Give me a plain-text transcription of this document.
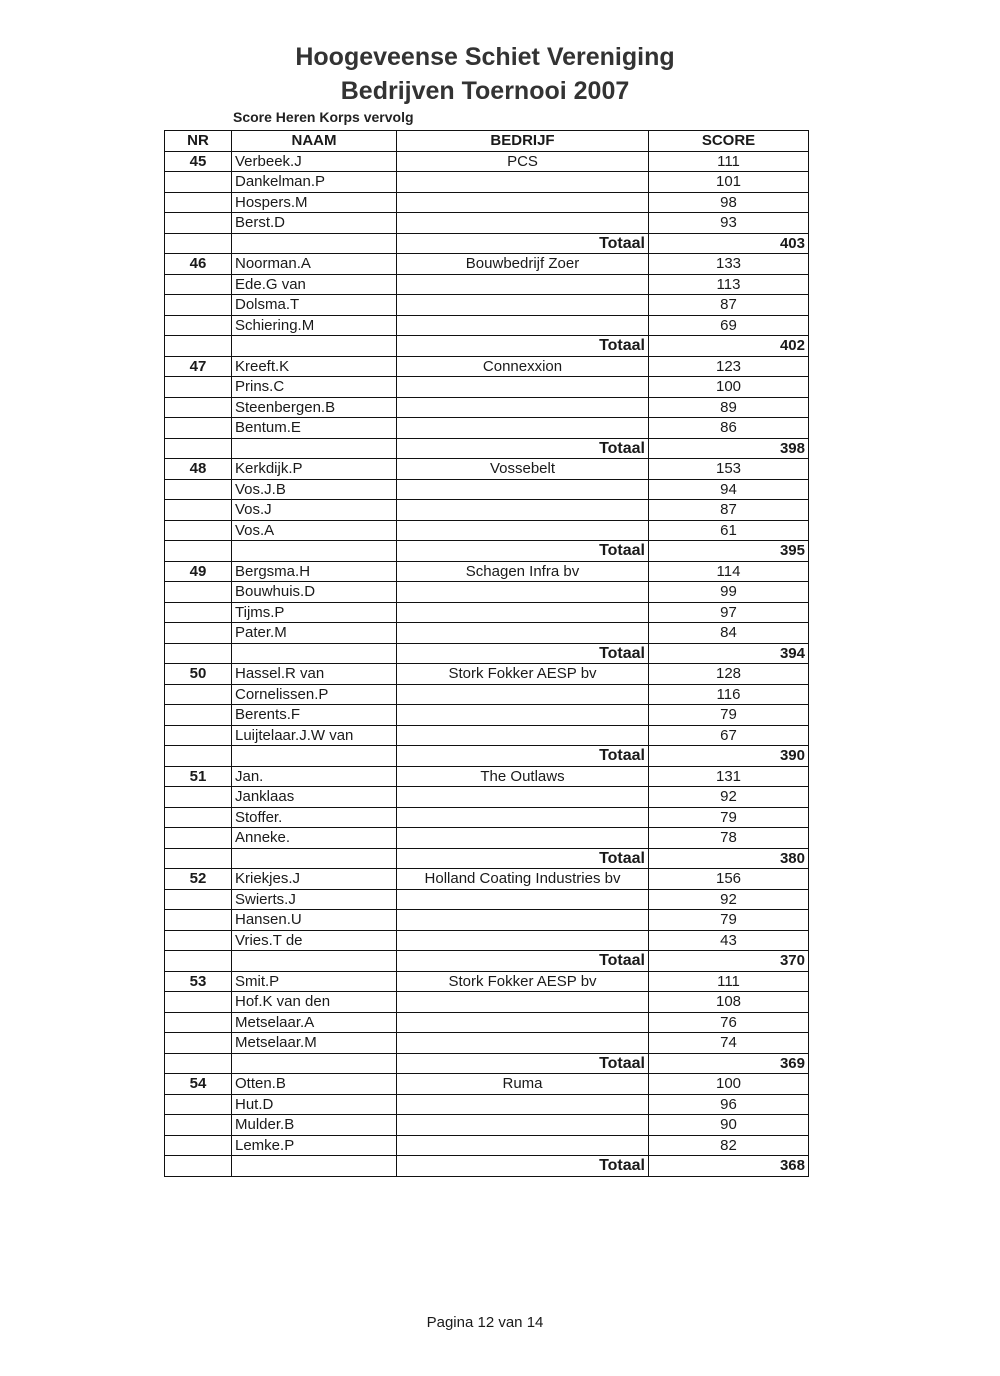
Hoogeveense Schiet Vereniging
Bedrijven Toernooi 2007
Score Heren Korps vervolg
NR	NAAM	BEDRIJF	SCORE
45	Verbeek.J	PCS	111
	Dankelman.P		101
	Hospers.M		98
	Berst.D		93
		Totaal	403
46	Noorman.A	Bouwbedrijf Zoer	133
	Ede.G van		113
	Dolsma.T		87
	Schiering.M		69
		Totaal	402
47	Kreeft.K	Connexxion	123
	Prins.C		100
	Steenbergen.B		89
	Bentum.E		86
		Totaal	398
48	Kerkdijk.P	Vossebelt	153
	Vos.J.B		94
	Vos.J		87
	Vos.A		61
		Totaal	395
49	Bergsma.H	Schagen Infra bv	114
	Bouwhuis.D		99
	Tijms.P		97
	Pater.M		84
		Totaal	394
50	Hassel.R van	Stork Fokker AESP bv	128
	Cornelissen.P		116
	Berents.F		79
	Luijtelaar.J.W van		67
		Totaal	390
51	Jan.	The Outlaws	131
	Janklaas		92
	Stoffer.		79
	Anneke.		78
		Totaal	380
52	Kriekjes.J	Holland Coating Industries bv	156
	Swierts.J		92
	Hansen.U		79
	Vries.T de		43
		Totaal	370
53	Smit.P	Stork Fokker AESP bv	111
	Hof.K van den		108
	Metselaar.A		76
	Metselaar.M		74
		Totaal	369
54	Otten.B	Ruma	100
	Hut.D		96
	Mulder.B		90
	Lemke.P		82
		Totaal	368
Pagina 12 van 14
